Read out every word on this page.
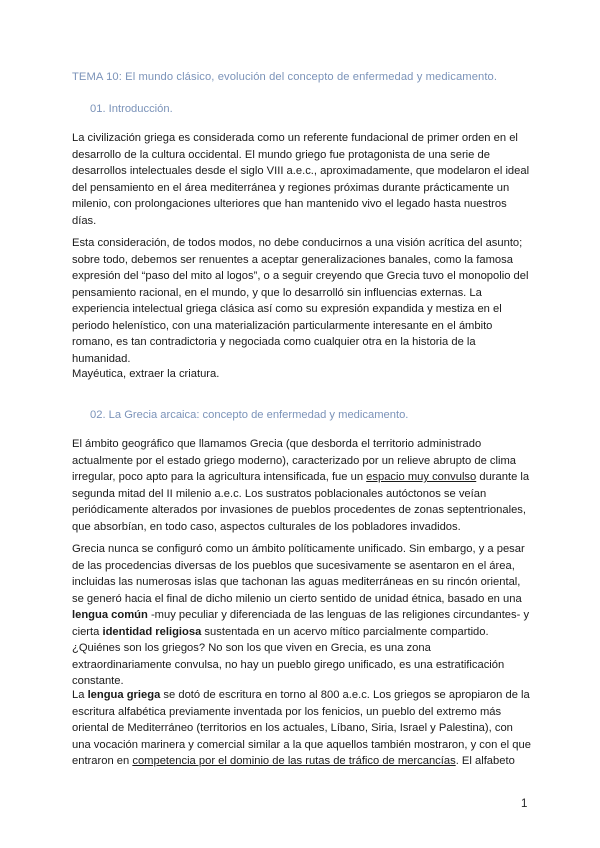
TEMA 10: El mundo clásico, evolución del concepto de enfermedad y medicamento.
01. Introducción.
La civilización griega es considerada como un referente fundacional de primer orden en el
desarrollo de la cultura occidental. El mundo griego fue protagonista de una serie de
desarrollos intelectuales desde el siglo VIII a.e.c., aproximadamente, que modelaron el ideal
del pensamiento en el área mediterránea y regiones próximas durante prácticamente un
milenio, con prolongaciones ulteriores que han mantenido vivo el legado hasta nuestros
días.
Esta consideración, de todos modos, no debe conducirnos a una visión acrítica del asunto;
sobre todo, debemos ser renuentes a aceptar generalizaciones banales, como la famosa
expresión del “paso del mito al logos”, o a seguir creyendo que Grecia tuvo el monopolio del
pensamiento racional, en el mundo, y que lo desarrolló sin influencias externas. La
experiencia intelectual griega clásica así como su expresión expandida y mestiza en el
periodo helenístico, con una materialización particularmente interesante en el ámbito
romano, es tan contradictoria y negociada como cualquier otra en la historia de la
humanidad.
Mayéutica, extraer la criatura.
02. La Grecia arcaica: concepto de enfermedad y medicamento.
El ámbito geográfico que llamamos Grecia (que desborda el territorio administrado
actualmente por el estado griego moderno), caracterizado por un relieve abrupto de clima
irregular, poco apto para la agricultura intensificada, fue un espacio muy convulso durante la
segunda mitad del II milenio a.e.c. Los sustratos poblacionales autóctonos se veían
periódicamente alterados por invasiones de pueblos procedentes de zonas septentrionales,
que absorbían, en todo caso, aspectos culturales de los pobladores invadidos.
Grecia nunca se configuró como un ámbito políticamente unificado. Sin embargo, y a pesar
de las procedencias diversas de los pueblos que sucesivamente se asentaron en el área,
incluidas las numerosas islas que tachonan las aguas mediterráneas en su rincón oriental,
se generó hacia el final de dicho milenio un cierto sentido de unidad étnica, basado en una
lengua común -muy peculiar y diferenciada de las lenguas de las religiones circundantes- y
cierta identidad religiosa sustentada en un acervo mítico parcialmente compartido.
¿Quiénes son los griegos? No son los que viven en Grecia, es una zona
extraordinariamente convulsa, no hay un pueblo girego unificado, es una estratificación
constante.
La lengua griega se dotó de escritura en torno al 800 a.e.c. Los griegos se apropiaron de la
escritura alfabética previamente inventada por los fenicios, un pueblo del extremo más
oriental de Mediterráneo (territorios en los actuales, Líbano, Siria, Israel y Palestina), con
una vocación marinera y comercial similar a la que aquellos también mostraron, y con el que
entraron en competencia por el dominio de las rutas de tráfico de mercancías. El alfabeto
1
